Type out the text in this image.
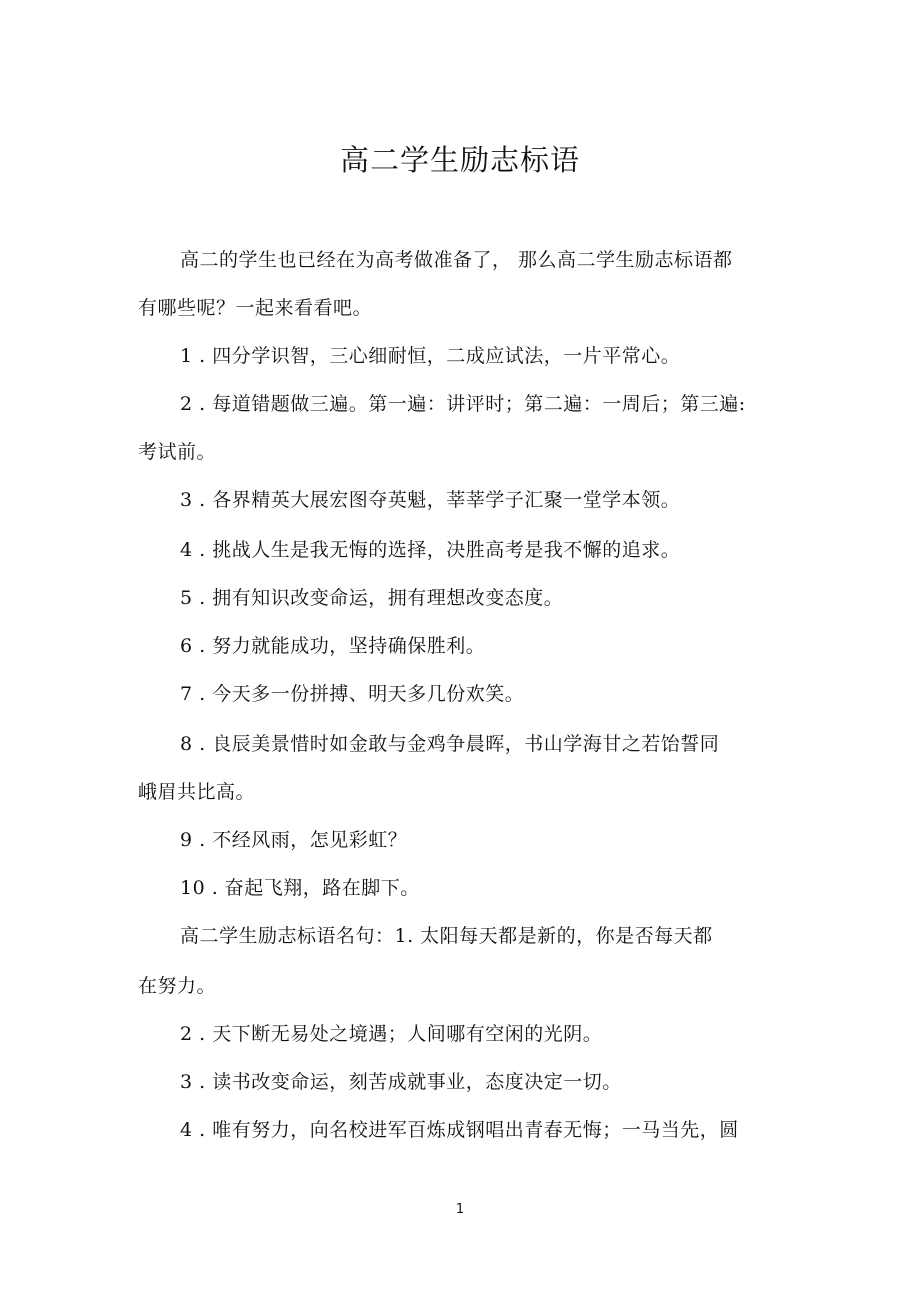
高二学生励志标语
高二的学生也已经在为高考做准备了， 那么高二学生励志标语都
有哪些呢？一起来看看吧。
1 . 四分学识智，三心细耐恒，二成应试法，一片平常心。
2 . 每道错题做三遍。第一遍：讲评时；第二遍：一周后；第三遍:
考试前。
3 . 各界精英大展宏图夺英魁，莘莘学子汇聚一堂学本领。
4 . 挑战人生是我无悔的选择，决胜高考是我不懈的追求。
5 . 拥有知识改变命运，拥有理想改变态度。
6 . 努力就能成功，坚持确保胜利。
7 . 今天多一份拼搏、明天多几份欢笑。
8 . 良辰美景惜时如金敢与金鸡争晨晖，书山学海甘之若饴誓同
峨眉共比高。
9 . 不经风雨，怎见彩虹？
10 . 奋起飞翔，路在脚下。
高二学生励志标语名句：1. 太阳每天都是新的，你是否每天都
在努力。
2 . 天下断无易处之境遇；人间哪有空闲的光阴。
3 . 读书改变命运，刻苦成就事业，态度决定一切。
4 . 唯有努力，向名校进军百炼成钢唱出青春无悔；一马当先，圆
1
